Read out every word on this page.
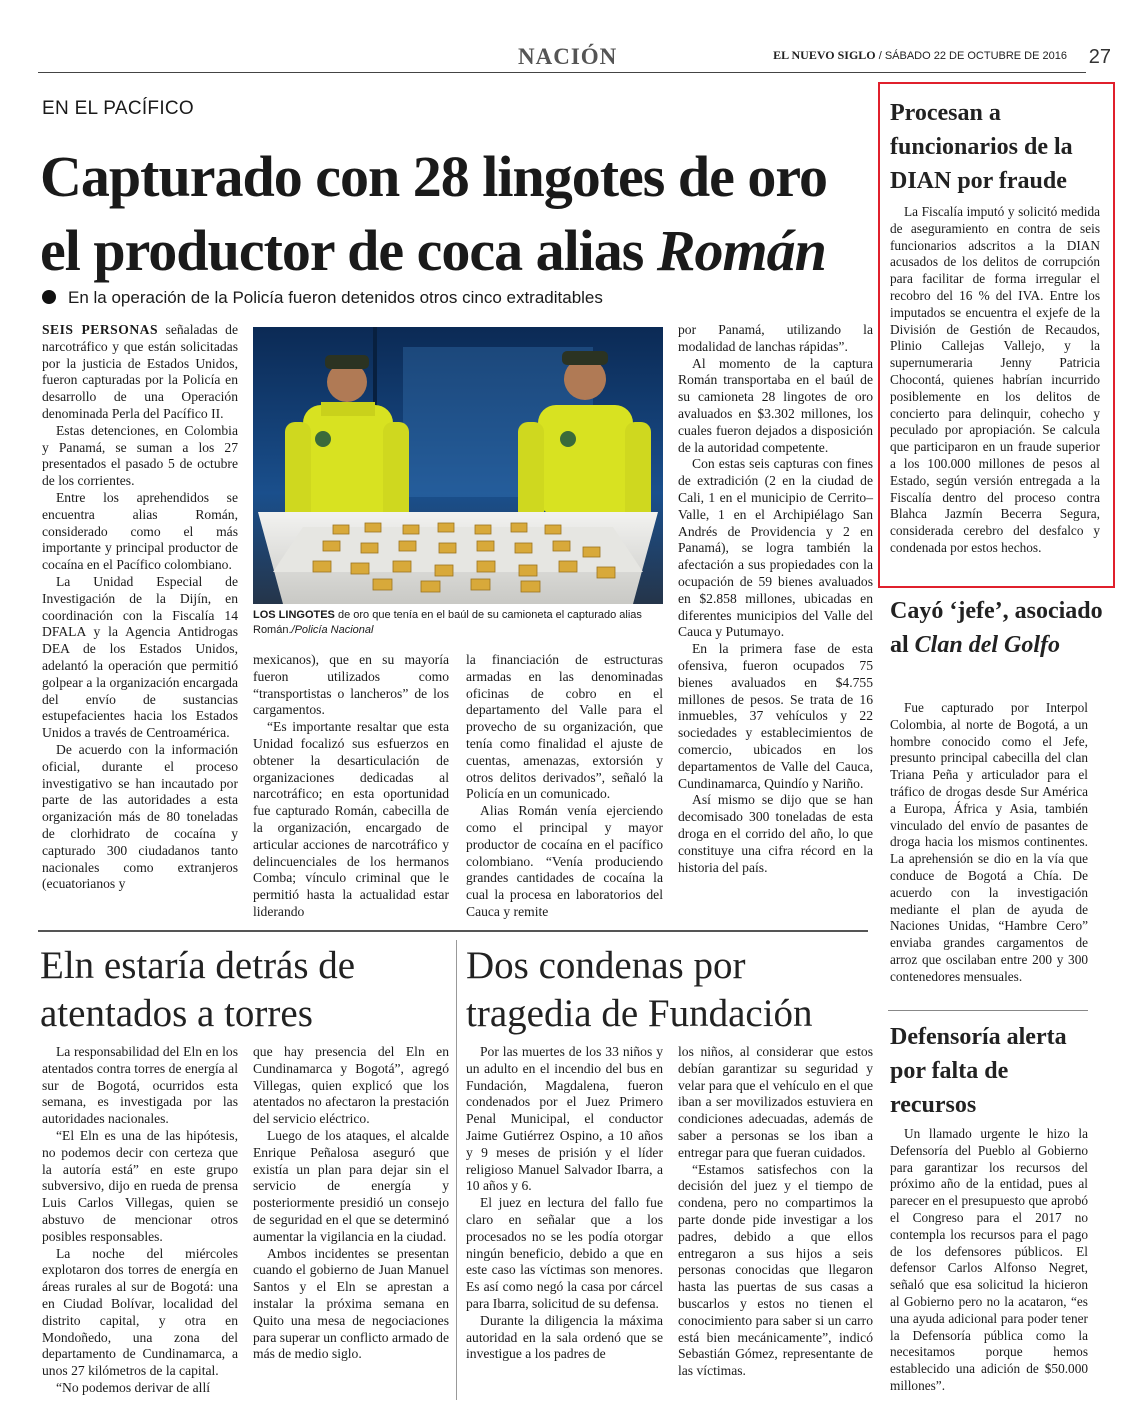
NACIÓN	EL NUEVO SIGLO / SÁBADO 22 DE OCTUBRE DE 2016 27
EN EL PACÍFICO
Capturado con 28 lingotes de oro
el productor de coca alias Román
En la operación de la Policía fueron detenidos otros cinco extraditables

SEIS PERSONAS señaladas de narcotráfico y que están solicitadas por la justicia de Estados Unidos, fueron capturadas por la Policía en desarrollo de una Operación denominada Perla del Pacífico II.

Estas detenciones, en Colombia y Panamá, se suman a los 27 presentados el pasado 5 de octubre de los corrientes.

Entre los aprehendidos se encuentra alias Román, considerado como el más importante y principal productor de cocaína en el Pacífico colombiano.

La Unidad Especial de Investigación de la Dijín, en coordinación con la Fiscalía 14 DFALA y la Agencia Antidrogas DEA de los Estados Unidos, adelantó la operación que permitió golpear a la organización encargada del envío de sustancias estupefacientes hacia los Estados Unidos a través de Centroamérica.

De acuerdo con la información oficial, durante el proceso investigativo se han incautado por parte de las autoridades a esta organización más de 80 toneladas de clorhidrato de cocaína y capturado 300 ciudadanos tanto nacionales como extranjeros (ecuatorianos y

LOS LINGOTES de oro que tenía en el baúl de su camioneta el capturado alias Román./Policía Nacional

mexicanos), que en su mayoría fueron utilizados como “transportistas o lancheros” de los cargamentos.

“Es importante resaltar que esta Unidad focalizó sus esfuerzos en obtener la desarticulación de organizaciones dedicadas al narcotráfico; en esta oportunidad fue capturado Román, cabecilla de la organización, encargado de articular acciones de narcotráfico y delincuenciales de los hermanos Comba; vínculo criminal que le permitió hasta la actualidad estar liderando

la financiación de estructuras armadas en las denominadas oficinas de cobro en el departamento del Valle para el provecho de su organización, que tenía como finalidad el ajuste de cuentas, amenazas, extorsión y otros delitos derivados”, señaló la Policía en un comunicado.

Alias Román venía ejerciendo como el principal y mayor productor de cocaína en el pacífico colombiano. “Venía produciendo grandes cantidades de cocaína la cual la procesa en laboratorios del Cauca y remite

por Panamá, utilizando la modalidad de lanchas rápidas”.

Al momento de la captura Román transportaba en el baúl de su camioneta 28 lingotes de oro avaluados en $3.302 millones, los cuales fueron dejados a disposición de la autoridad competente.

Con estas seis capturas con fines de extradición (2 en la ciudad de Cali, 1 en el municipio de Cerrito–Valle, 1 en el Archipiélago San Andrés de Providencia y 2 en Panamá), se logra también la afectación a sus propiedades con la ocupación de 59 bienes avaluados en $2.858 millones, ubicadas en diferentes municipios del Valle del Cauca y Putumayo.

En la primera fase de esta ofensiva, fueron ocupados 75 bienes avaluados en $4.755 millones de pesos. Se trata de 16 inmuebles, 37 vehículos y 22 sociedades y establecimientos de comercio, ubicados en los departamentos de Valle del Cauca, Cundinamarca, Quindío y Nariño.

Así mismo se dijo que se han decomisado 300 toneladas de esta droga en el corrido del año, lo que constituye una cifra récord en la historia del país.

Eln estaría detrás de atentados a torres

La responsabilidad del Eln en los atentados contra torres de energía al sur de Bogotá, ocurridos esta semana, es investigada por las autoridades nacionales.

“El Eln es una de las hipótesis, no podemos decir con certeza que la autoría está” en este grupo subversivo, dijo en rueda de prensa Luis Carlos Villegas, quien se abstuvo de mencionar otros posibles responsables.

La noche del miércoles explotaron dos torres de energía en áreas rurales al sur de Bogotá: una en Ciudad Bolívar, localidad del distrito capital, y otra en Mondoñedo, una zona del departamento de Cundinamarca, a unos 27 kilómetros de la capital.

“No podemos derivar de allí

que hay presencia del Eln en Cundinamarca y Bogotá”, agregó Villegas, quien explicó que los atentados no afectaron la prestación del servicio eléctrico.

Luego de los ataques, el alcalde Enrique Peñalosa aseguró que existía un plan para dejar sin el servicio de energía y posteriormente presidió un consejo de seguridad en el que se determinó aumentar la vigilancia en la ciudad.

Ambos incidentes se presentan cuando el gobierno de Juan Manuel Santos y el Eln se aprestan a instalar la próxima semana en Quito una mesa de negociaciones para superar un conflicto armado de más de medio siglo.

Dos condenas por tragedia de Fundación

Por las muertes de los 33 niños y un adulto en el incendio del bus en Fundación, Magdalena, fueron condenados por el Juez Primero Penal Municipal, el conductor Jaime Gutiérrez Ospino, a 10 años y 9 meses de prisión y el líder religioso Manuel Salvador Ibarra, a 10 años y 6.

El juez en lectura del fallo fue claro en señalar que a los procesados no se les podía otorgar ningún beneficio, debido a que en este caso las víctimas son menores. Es así como negó la casa por cárcel para Ibarra, solicitud de su defensa.

Durante la diligencia la máxima autoridad en la sala ordenó que se investigue a los padres de

los niños, al considerar que estos debían garantizar su seguridad y velar para que el vehículo en el que iban a ser movilizados estuviera en condiciones adecuadas, además de saber a personas se los iban a entregar para que fueran cuidados.

“Estamos satisfechos con la decisión del juez y el tiempo de condena, pero no compartimos la parte donde pide investigar a los padres, debido a que ellos entregaron a sus hijos a seis personas conocidas que llegaron hasta las puertas de sus casas a buscarlos y estos no tienen el conocimiento para saber si un carro está bien mecánicamente”, indicó Sebastián Gómez, representante de las víctimas.

Procesan a funcionarios de la DIAN por fraude

La Fiscalía imputó y solicitó medida de aseguramiento en contra de seis funcionarios adscritos a la DIAN acusados de los delitos de corrupción para facilitar de forma irregular el recobro del 16 % del IVA. Entre los imputados se encuentra el exjefe de la División de Gestión de Recaudos, Plinio Callejas Vallejo, y la supernumeraria Jenny Patricia Chocontá, quienes habrían incurrido posiblemente en los delitos de concierto para delinquir, cohecho y peculado por apropiación. Se calcula que participaron en un fraude superior a los 100.000 millones de pesos al Estado, según versión entregada a la Fiscalía dentro del proceso contra Blahca Jazmín Becerra Segura, considerada cerebro del desfalco y condenada por estos hechos.

Cayó ‘jefe’, asociado al Clan del Golfo

Fue capturado por Interpol Colombia, al norte de Bogotá, a un hombre conocido como el Jefe, presunto principal cabecilla del clan Triana Peña y articulador para el tráfico de drogas desde Sur América a Europa, África y Asia, también vinculado del envío de pasantes de droga hacia los mismos continentes. La aprehensión se dio en la vía que conduce de Bogotá a Chía. De acuerdo con la investigación mediante el plan de ayuda de Naciones Unidas, “Hambre Cero” enviaba grandes cargamentos de arroz que oscilaban entre 200 y 300 contenedores mensuales.

Defensoría alerta por falta de recursos

Un llamado urgente le hizo la Defensoría del Pueblo al Gobierno para garantizar los recursos del próximo año de la entidad, pues al parecer en el presupuesto que aprobó el Congreso para el 2017 no contempla los recursos para el pago de los defensores públicos. El defensor Carlos Alfonso Negret, señaló que esa solicitud la hicieron al Gobierno pero no la acataron, “es una ayuda adicional para poder tener la Defensoría pública como la necesitamos porque hemos establecido una adición de $50.000 millones”.
